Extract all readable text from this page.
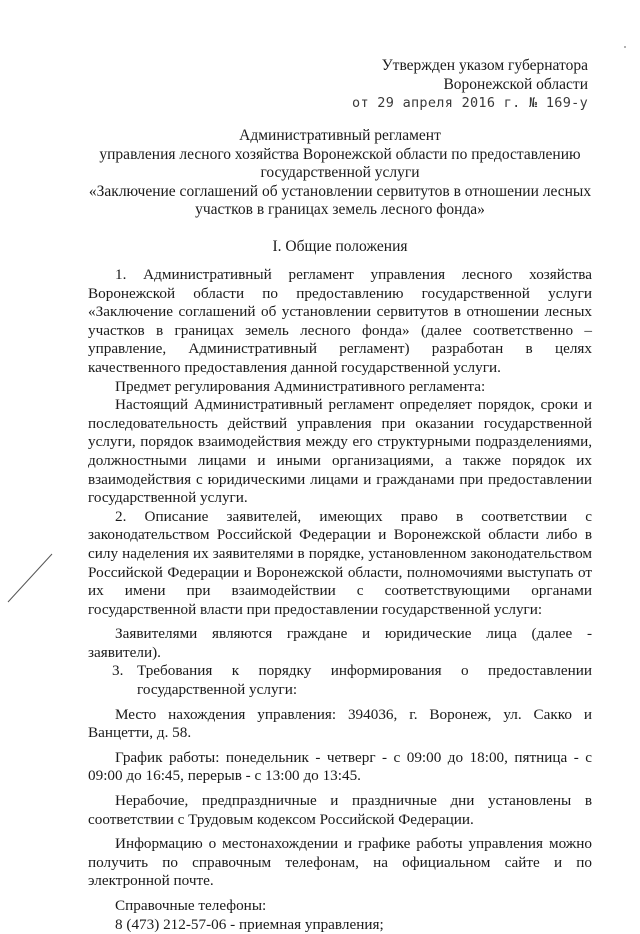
Утвержден указом губернатора
Воронежской области
от 29 апреля 2016 г. № 169-у
Административный регламент
управления лесного хозяйства Воронежской области по предоставлению
государственной услуги
«Заключение соглашений об установлении сервитутов в отношении лесных
участков в границах земель лесного фонда»
I. Общие положения

1. Административный регламент управления лесного хозяйства Воронежской области по предоставлению государственной услуги «Заключение соглашений об установлении сервитутов в отношении лесных участков в границах земель лесного фонда» (далее соответственно – управление, Административный регламент) разработан в целях качественного предоставления данной государственной услуги.

Предмет регулирования Административного регламента:

Настоящий Административный регламент определяет порядок, сроки и последовательность действий управления при оказании государственной услуги, порядок взаимодействия между его структурными подразделениями, должностными лицами и иными организациями, а также порядок их взаимодействия с юридическими лицами и гражданами при предоставлении государственной услуги.

2. Описание заявителей, имеющих право в соответствии с законодательством Российской Федерации и Воронежской области либо в силу наделения их заявителями в порядке, установленном законодательством Российской Федерации и Воронежской области, полномочиями выступать от их имени при взаимодействии с соответствующими органами государственной власти при предоставлении государственной услуги:

Заявителями являются граждане и юридические лица (далее - заявители).

3. Требования к порядку информирования о предоставлении государственной услуги:

Место нахождения управления: 394036, г. Воронеж, ул. Сакко и Ванцетти, д. 58.

График работы: понедельник - четверг - с 09:00 до 18:00, пятница - с 09:00 до 16:45, перерыв - с 13:00 до 13:45.

Нерабочие, предпраздничные и праздничные дни установлены в соответствии с Трудовым кодексом Российской Федерации.

Информацию о местонахождении и графике работы управления можно получить по справочным телефонам, на официальном сайте и по электронной почте.

Справочные телефоны:

8 (473) 212-57-06 - приемная управления;
